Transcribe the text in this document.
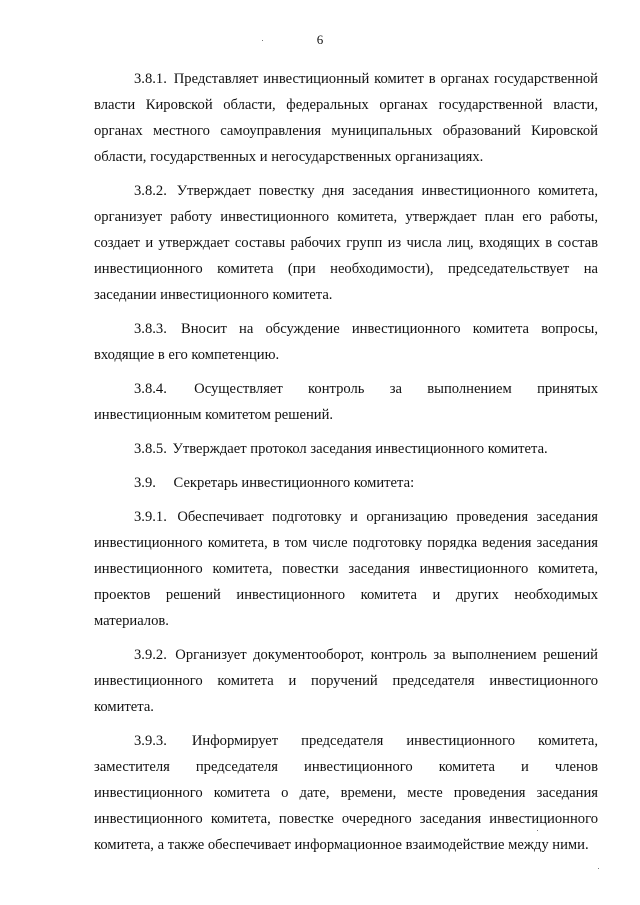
6

3.8.1. Представляет инвестиционный комитет в органах государственной власти Кировской области, федеральных органах государственной власти, органах местного самоуправления муниципальных образований Кировской области, государственных и негосударственных организациях.

3.8.2. Утверждает повестку дня заседания инвестиционного комитета, организует работу инвестиционного комитета, утверждает план его работы, создает и утверждает составы рабочих групп из числа лиц, входящих в состав инвестиционного комитета (при необходимости), председательствует на заседании инвестиционного комитета.

3.8.3. Вносит на обсуждение инвестиционного комитета вопросы, входящие в его компетенцию.

3.8.4. Осуществляет контроль за выполнением принятых инвестиционным комитетом решений.

3.8.5. Утверждает протокол заседания инвестиционного комитета.

3.9. Секретарь инвестиционного комитета:

3.9.1. Обеспечивает подготовку и организацию проведения заседания инвестиционного комитета, в том числе подготовку порядка ведения заседания инвестиционного комитета, повестки заседания инвестиционного комитета, проектов решений инвестиционного комитета и других необходимых материалов.

3.9.2. Организует документооборот, контроль за выполнением решений инвестиционного комитета и поручений председателя инвестиционного комитета.

3.9.3. Информирует председателя инвестиционного комитета, заместителя председателя инвестиционного комитета и членов инвестиционного комитета о дате, времени, месте проведения заседания инвестиционного комитета, повестке очередного заседания инвестиционного комитета, а также обеспечивает информационное взаимодействие между ними.
